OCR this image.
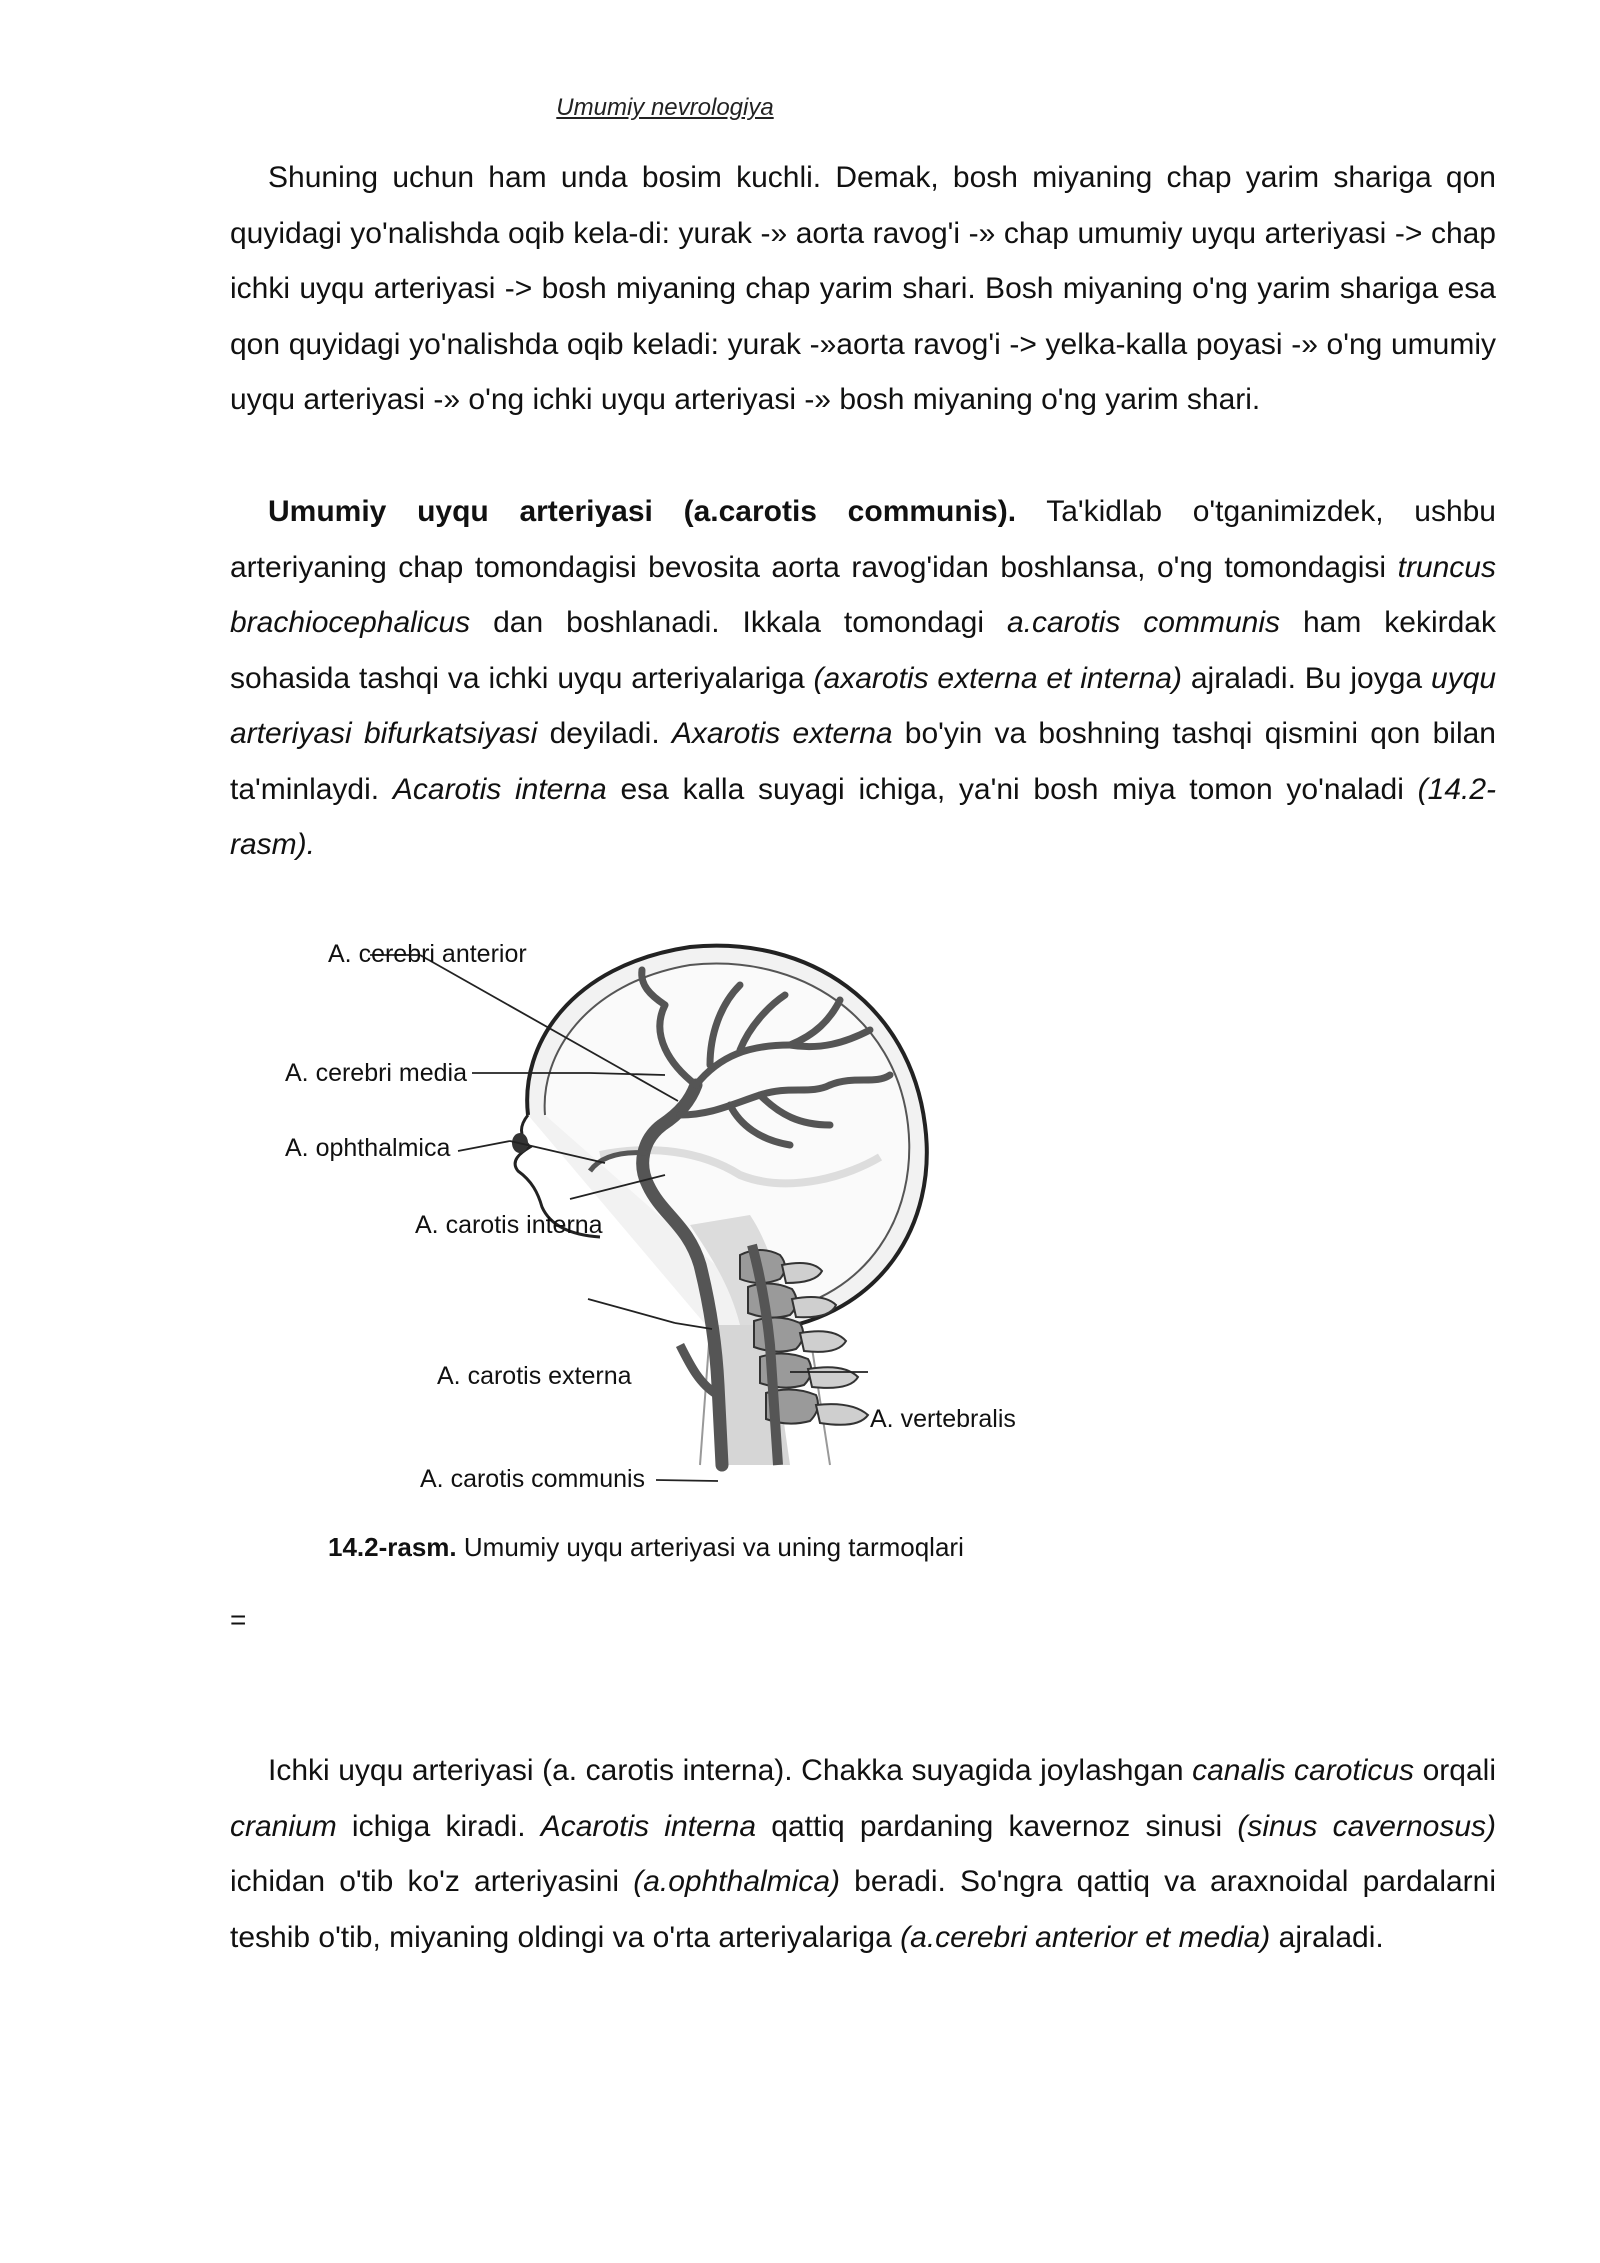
Umumiy nevrologiya

Shuning uchun ham unda bosim kuchli. Demak, bosh miyaning chap yarim shariga qon quyidagi yo'nalishda oqib kela-di: yurak -» aorta ravog'i -» chap umumiy uyqu arteriyasi -> chap ichki uyqu arteriyasi -> bosh miyaning chap yarim shari. Bosh miyaning o'ng yarim shariga esa qon quyidagi yo'nalishda oqib keladi: yurak -»aorta ravog'i -> yelka-kalla poyasi -» o'ng umumiy uyqu arteriyasi -» o'ng ichki uyqu arteriyasi -» bosh miyaning o'ng yarim shari.

Umumiy uyqu arteriyasi (a.carotis communis). Ta'kidlab o'tganimizdek, ushbu arteriyaning chap tomondagisi bevosita aorta ravog'idan boshlansa, o'ng tomondagisi truncus brachiocephalicus dan boshlanadi. Ikkala tomondagi a.carotis communis ham kekirdak sohasida tashqi va ichki uyqu arteriyalariga (axarotis externa et interna) ajraladi. Bu joyga uyqu arteriyasi bifurkatsiyasi deyiladi. Axarotis externa bo'yin va boshning tashqi qismini qon bilan ta'minlaydi. Acarotis interna esa kalla suyagi ichiga, ya'ni bosh miya tomon yo'naladi (14.2-rasm).

A. cerebri anterior
A. cerebri media
A. ophthalmica
A. carotis interna
A. carotis externa
A. carotis communis
A. vertebralis
14.2-rasm. Umumiy uyqu arteriyasi va uning tarmoqlari
=

Ichki uyqu arteriyasi (a. carotis interna). Chakka suyagida joylashgan canalis caroticus orqali cranium ichiga kiradi. Acarotis interna qattiq pardaning kavernoz sinusi (sinus cavernosus) ichidan o'tib ko'z arteriyasini (a.ophthalmica) beradi. So'ngra qattiq va araxnoidal pardalarni teshib o'tib, miyaning oldingi va o'rta arteriyalariga (a.cerebri anterior et media) ajraladi.
